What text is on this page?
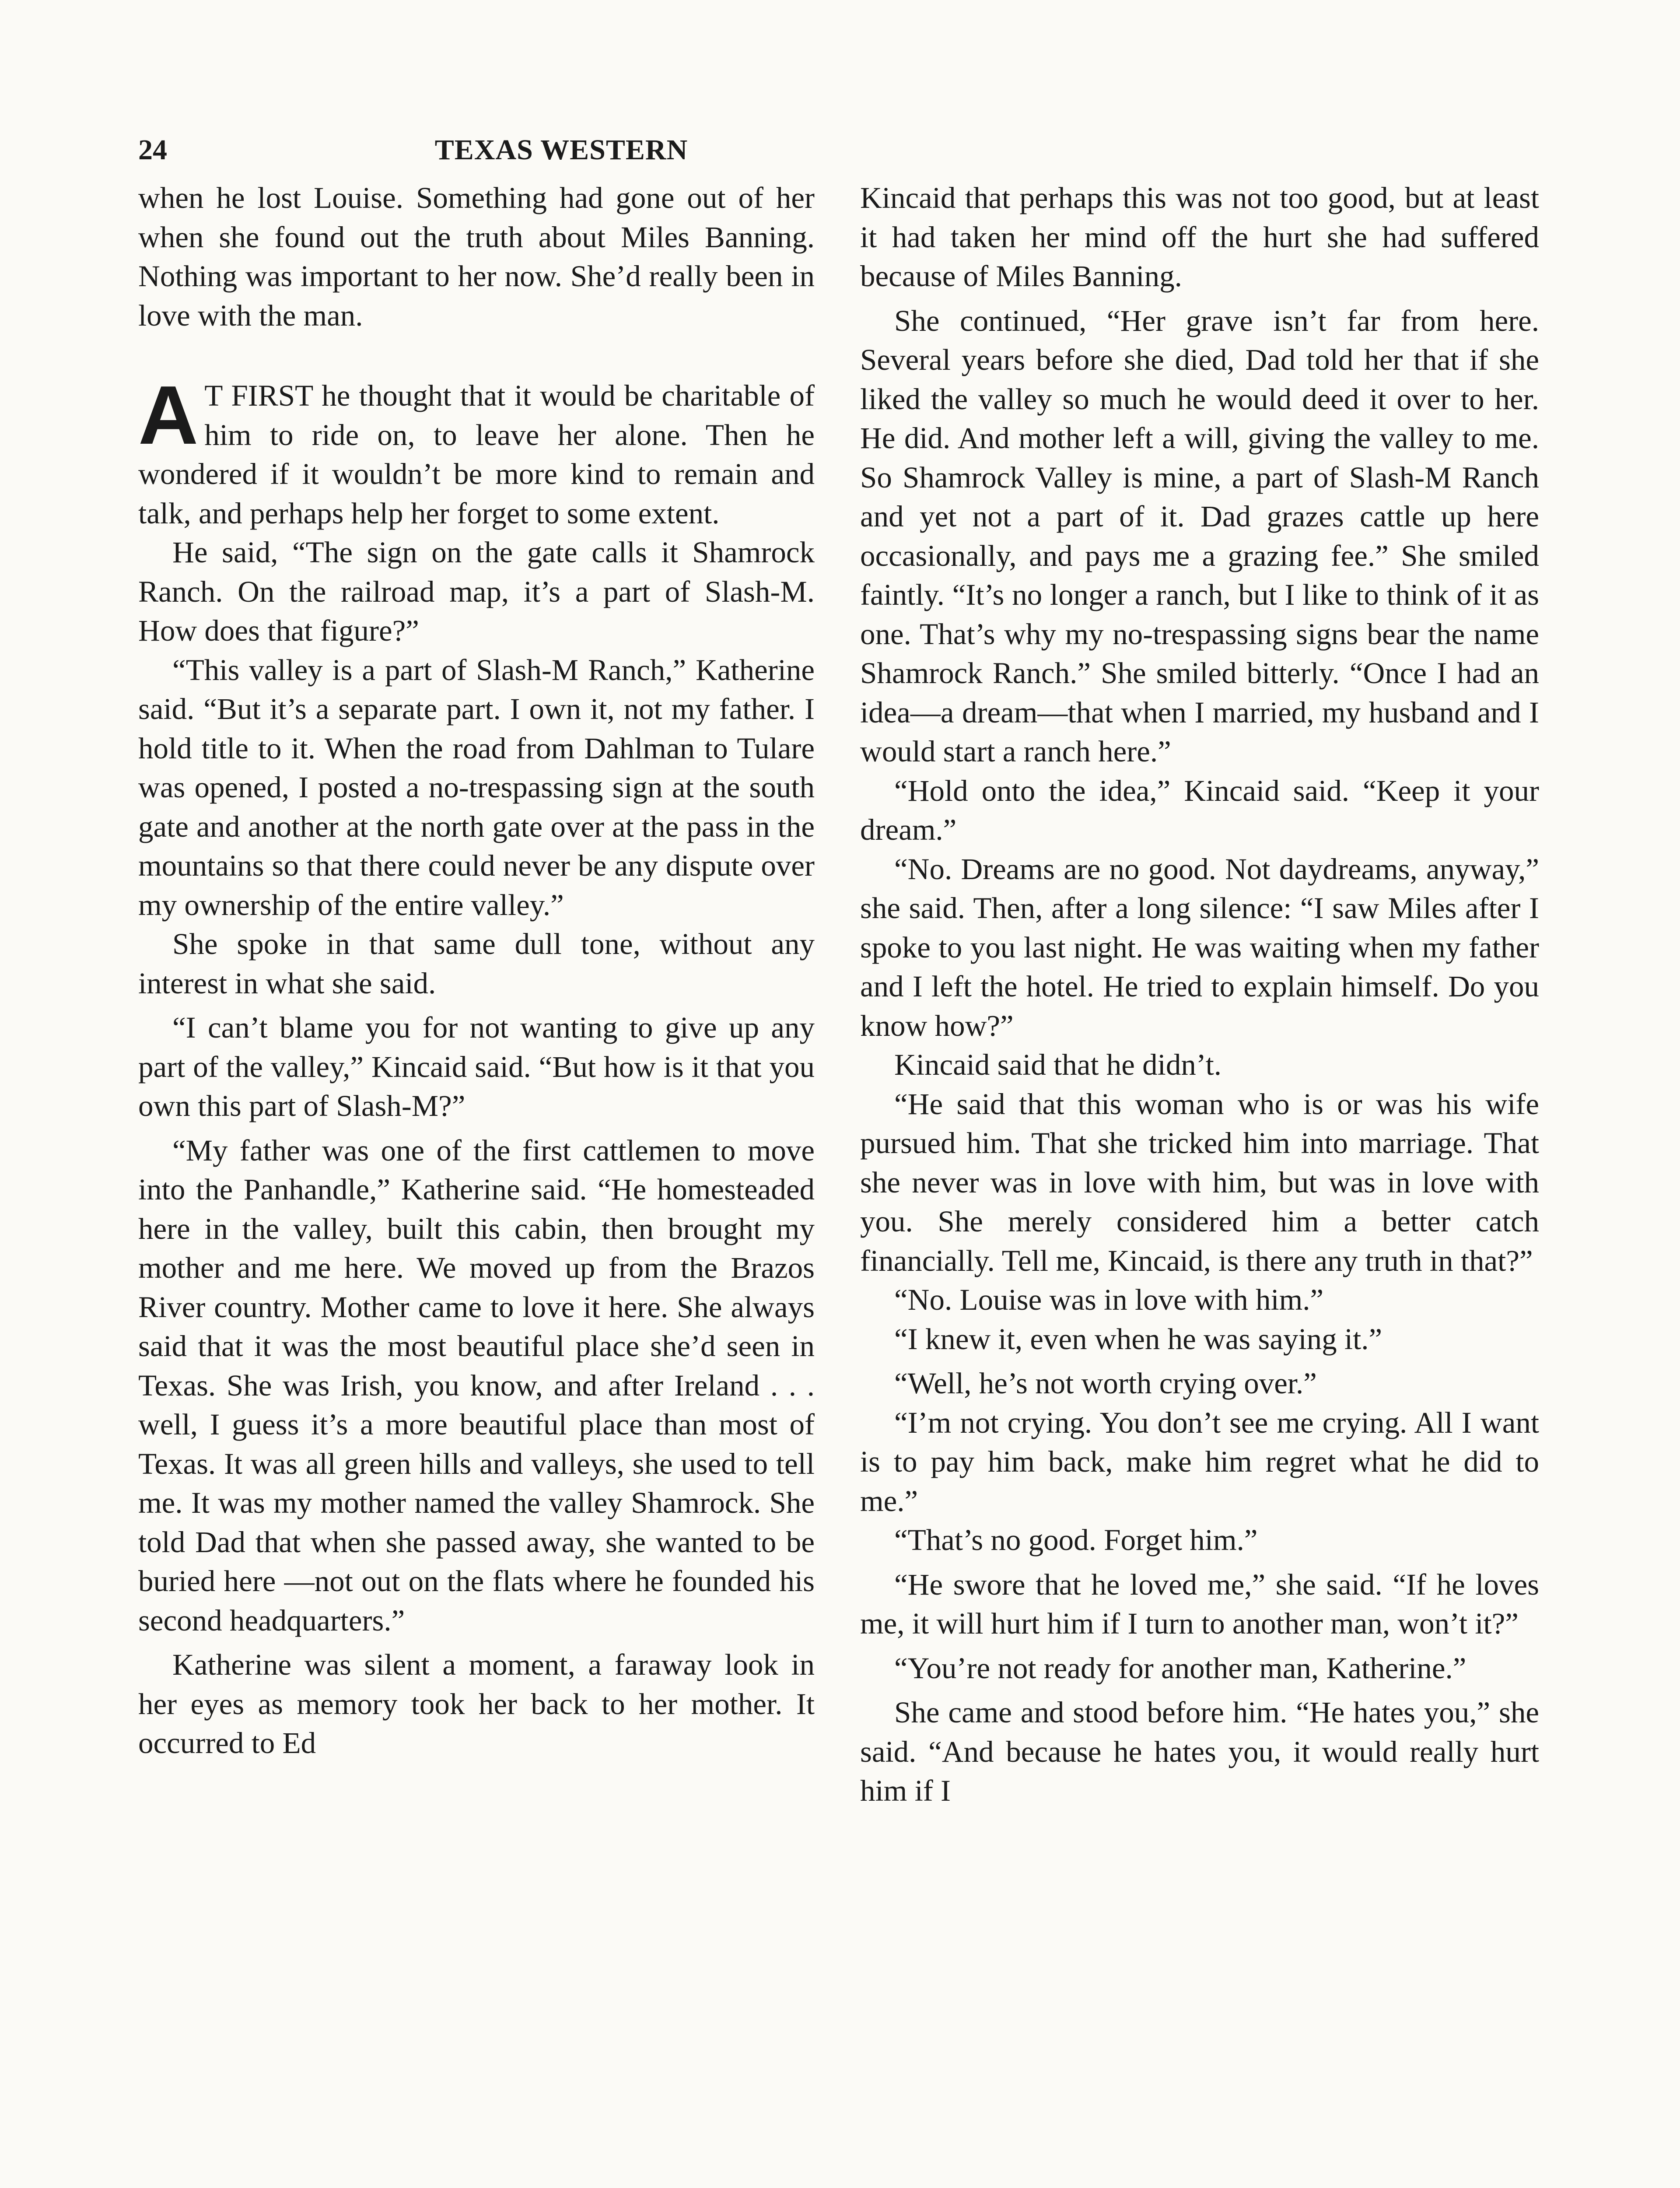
24	TEXAS WESTERN

when he lost Louise. Something had gone out of her when she found out the truth about Miles Banning. Nothing was important to her now. She’d really been in love with the man.

A T FIRST he thought that it would be charitable of him to ride on, to leave her alone. Then he wondered if it wouldn’t be more kind to remain and talk, and perhaps help her forget to some extent.

He said, “The sign on the gate calls it Shamrock Ranch. On the railroad map, it’s a part of Slash-M. How does that figure?”

“This valley is a part of Slash-M Ranch,” Katherine said. “But it’s a separate part. I own it, not my father. I hold title to it. When the road from Dahlman to Tulare was opened, I posted a no-trespassing sign at the south gate and another at the north gate over at the pass in the mountains so that there could never be any dispute over my ownership of the entire valley.”

She spoke in that same dull tone, without any interest in what she said.

“I can’t blame you for not wanting to give up any part of the valley,” Kincaid said. “But how is it that you own this part of Slash-M?”

“My father was one of the first cattlemen to move into the Panhandle,” Katherine said. “He homesteaded here in the valley, built this cabin, then brought my mother and me here. We moved up from the Brazos River country. Mother came to love it here. She always said that it was the most beautiful place she’d seen in Texas. She was Irish, you know, and after Ireland . . . well, I guess it’s a more beautiful place than most of Texas. It was all green hills and valleys, she used to tell me. It was my mother named the valley Shamrock. She told Dad that when she passed away, she wanted to be buried here —not out on the flats where he founded his second headquarters.”

Katherine was silent a moment, a faraway look in her eyes as memory took her back to her mother. It occurred to Ed

Kincaid that perhaps this was not too good, but at least it had taken her mind off the hurt she had suffered because of Miles Banning.

She continued, “Her grave isn’t far from here. Several years before she died, Dad told her that if she liked the valley so much he would deed it over to her. He did. And mother left a will, giving the valley to me. So Shamrock Valley is mine, a part of Slash-M Ranch and yet not a part of it. Dad grazes cattle up here occasionally, and pays me a grazing fee.” She smiled faintly. “It’s no longer a ranch, but I like to think of it as one. That’s why my no-trespassing signs bear the name Shamrock Ranch.” She smiled bitterly. “Once I had an idea—a dream—that when I married, my husband and I would start a ranch here.”

“Hold onto the idea,” Kincaid said. “Keep it your dream.”

“No. Dreams are no good. Not daydreams, anyway,” she said. Then, after a long silence: “I saw Miles after I spoke to you last night. He was waiting when my father and I left the hotel. He tried to explain himself. Do you know how?”

Kincaid said that he didn’t.

“He said that this woman who is or was his wife pursued him. That she tricked him into marriage. That she never was in love with him, but was in love with you. She merely considered him a better catch financially. Tell me, Kincaid, is there any truth in that?”

“No. Louise was in love with him.”

“I knew it, even when he was saying it.”

“Well, he’s not worth crying over.”

“I’m not crying. You don’t see me crying. All I want is to pay him back, make him regret what he did to me.”

“That’s no good. Forget him.”

“He swore that he loved me,” she said. “If he loves me, it will hurt him if I turn to another man, won’t it?”

“You’re not ready for another man, Katherine.”

She came and stood before him. “He hates you,” she said. “And because he hates you, it would really hurt him if I
